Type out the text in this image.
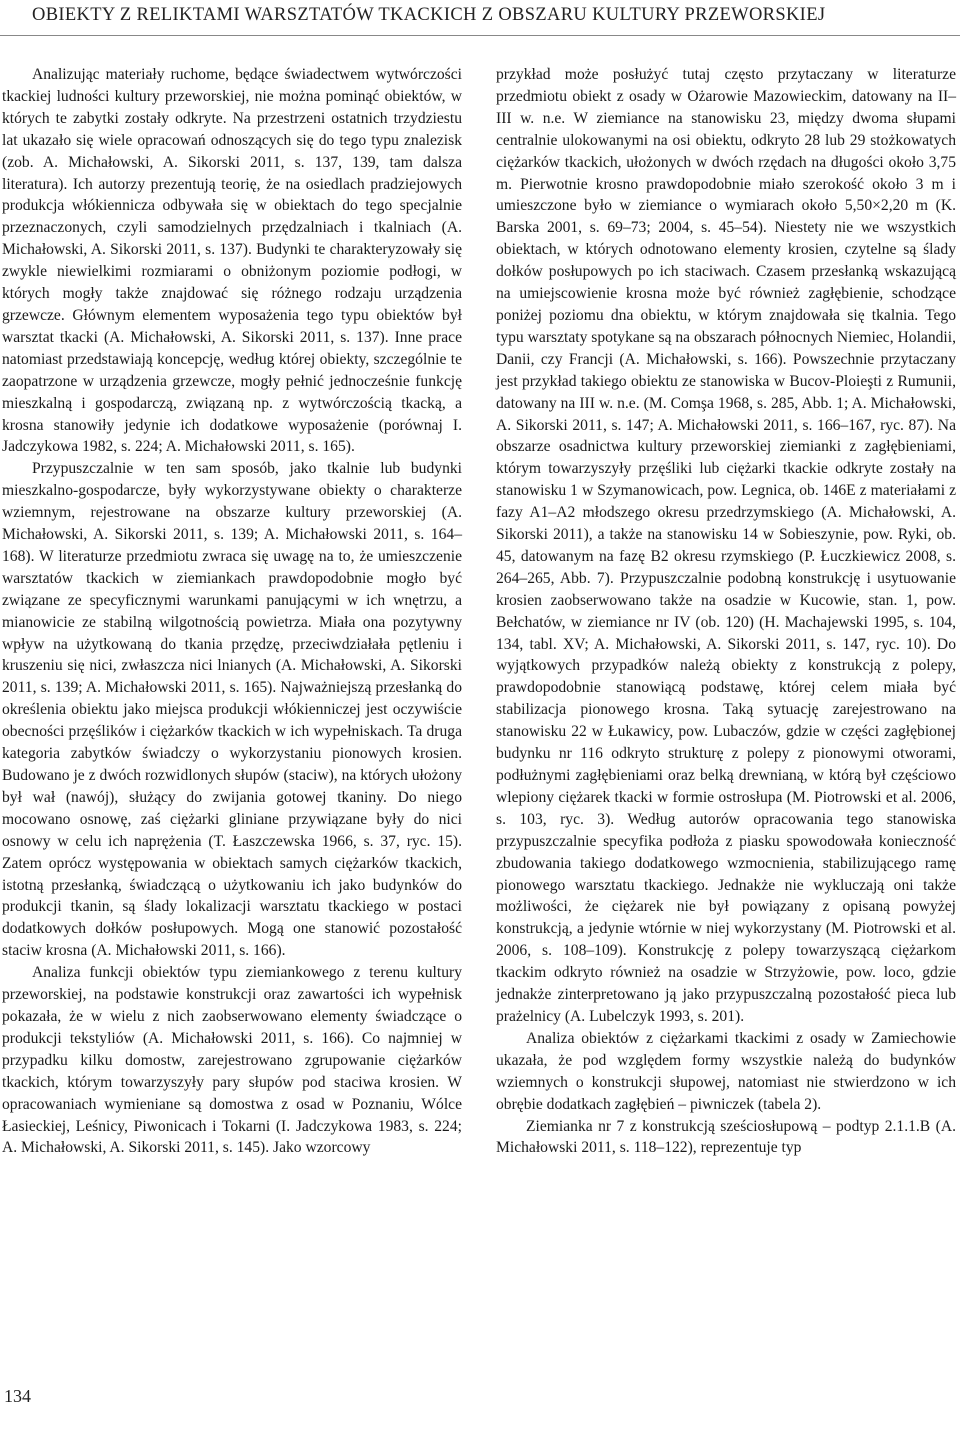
OBIEKTY Z RELIKTAMI WARSZTATÓW TKACKICH Z OBSZARU KULTURY PRZEWORSKIEJ

Analizując materiały ruchome, będące świadectwem wytwórczości tkackiej ludności kultury przeworskiej, nie można pominąć obiektów, w których te zabytki zostały odkryte. Na przestrzeni ostatnich trzydziestu lat ukazało się wiele opracowań odnoszących się do tego typu znalezisk (zob. A. Michałowski, A. Sikorski 2011, s. 137, 139, tam dalsza literatura). Ich autorzy prezentują teorię, że na osiedlach pradziejowych produkcja włókiennicza odbywała się w obiektach do tego specjalnie przeznaczonych, czyli samodzielnych przędzalniach i tkalniach (A. Michałowski, A. Sikorski 2011, s. 137). Budynki te charakteryzowały się zwykle niewielkimi rozmiarami o obniżonym poziomie podłogi, w których mogły także znajdować się różnego rodzaju urządzenia grzewcze. Głównym elementem wyposażenia tego typu obiektów był warsztat tkacki (A. Michałowski, A. Sikorski 2011, s. 137). Inne prace natomiast przedstawiają koncepcję, według której obiekty, szczególnie te zaopatrzone w urządzenia grzewcze, mogły pełnić jednocześnie funkcję mieszkalną i gospodarczą, związaną np. z wytwórczością tkacką, a krosna stanowiły jedynie ich dodatkowe wyposażenie (porównaj I. Jadczykowa 1982, s. 224; A. Michałowski 2011, s. 165).

Przypuszczalnie w ten sam sposób, jako tkalnie lub budynki mieszkalno-gospodarcze, były wykorzystywane obiekty o charakterze wziemnym, rejestrowane na obszarze kultury przeworskiej (A. Michałowski, A. Sikorski 2011, s. 139; A. Michałowski 2011, s. 164–168). W literaturze przedmiotu zwraca się uwagę na to, że umieszczenie warsztatów tkackich w ziemiankach prawdopodobnie mogło być związane ze specyficznymi warunkami panującymi w ich wnętrzu, a mianowicie ze stabilną wilgotnością powietrza. Miała ona pozytywny wpływ na użytkowaną do tkania przędzę, przeciwdziałała pętleniu i kruszeniu się nici, zwłaszcza nici lnianych (A. Michałowski, A. Sikorski 2011, s. 139; A. Michałowski 2011, s. 165). Najważniejszą przesłanką do określenia obiektu jako miejsca produkcji włókienniczej jest oczywiście obecności przęślików i ciężarków tkackich w ich wypełniskach. Ta druga kategoria zabytków świadczy o wykorzystaniu pionowych krosien. Budowano je z dwóch rozwidlonych słupów (staciw), na których ułożony był wał (nawój), służący do zwijania gotowej tkaniny. Do niego mocowano osnowę, zaś ciężarki gliniane przywiązane były do nici osnowy w celu ich naprężenia (T. Łaszczewska 1966, s. 37, ryc. 15). Zatem oprócz występowania w obiektach samych ciężarków tkackich, istotną przesłanką, świadczącą o użytkowaniu ich jako budynków do produkcji tkanin, są ślady lokalizacji warsztatu tkackiego w postaci dodatkowych dołków posłupowych. Mogą one stanowić pozostałość staciw krosna (A. Michałowski 2011, s. 166).

Analiza funkcji obiektów typu ziemiankowego z terenu kultury przeworskiej, na podstawie konstrukcji oraz zawartości ich wypełnisk pokazała, że w wielu z nich zaobserwowano elementy świadczące o produkcji tekstyliów (A. Michałowski 2011, s. 166). Co najmniej w przypadku kilku domostw, zarejestrowano zgrupowanie ciężarków tkackich, którym towarzyszyły pary słupów pod staciwa krosien. W opracowaniach wymieniane są domostwa z osad w Poznaniu, Wólce Łasieckiej, Leśnicy, Piwonicach i Tokarni (I. Jadczykowa 1983, s. 224; A. Michałowski, A. Sikorski 2011, s. 145). Jako wzorcowy

przykład może posłużyć tutaj często przytaczany w literaturze przedmiotu obiekt z osady w Ożarowie Mazowieckim, datowany na II–III w. n.e. W ziemiance na stanowisku 23, między dwoma słupami centralnie ulokowanymi na osi obiektu, odkryto 28 lub 29 stożkowatych ciężarków tkackich, ułożonych w dwóch rzędach na długości około 3,75 m. Pierwotnie krosno prawdopodobnie miało szerokość około 3 m i umieszczone było w ziemiance o wymiarach około 5,50×2,20 m (K. Barska 2001, s. 69–73; 2004, s. 45–54). Niestety nie we wszystkich obiektach, w których odnotowano elementy krosien, czytelne są ślady dołków posłupowych po ich staciwach. Czasem przesłanką wskazującą na umiejscowienie krosna może być również zagłębienie, schodzące poniżej poziomu dna obiektu, w którym znajdowała się tkalnia. Tego typu warsztaty spotykane są na obszarach północnych Niemiec, Holandii, Danii, czy Francji (A. Michałowski, s. 166). Powszechnie przytaczany jest przykład takiego obiektu ze stanowiska w Bucov-Ploieşti z Rumunii, datowany na III w. n.e. (M. Comşa 1968, s. 285, Abb. 1; A. Michałowski, A. Sikorski 2011, s. 147; A. Michałowski 2011, s. 166–167, ryc. 87). Na obszarze osadnictwa kultury przeworskiej ziemianki z zagłębieniami, którym towarzyszyły przęśliki lub ciężarki tkackie odkryte zostały na stanowisku 1 w Szymanowicach, pow. Legnica, ob. 146E z materiałami z fazy A1–A2 młodszego okresu przedrzymskiego (A. Michałowski, A. Sikorski 2011), a także na stanowisku 14 w Sobieszynie, pow. Ryki, ob. 45, datowanym na fazę B2 okresu rzymskiego (P. Łuczkiewicz 2008, s. 264–265, Abb. 7). Przypuszczalnie podobną konstrukcję i usytuowanie krosien zaobserwowano także na osadzie w Kucowie, stan. 1, pow. Bełchatów, w ziemiance nr IV (ob. 120) (H. Machajewski 1995, s. 104, 134, tabl. XV; A. Michałowski, A. Sikorski 2011, s. 147, ryc. 10). Do wyjątkowych przypadków należą obiekty z konstrukcją z polepy, prawdopodobnie stanowiącą podstawę, której celem miała być stabilizacja pionowego krosna. Taką sytuację zarejestrowano na stanowisku 22 w Łukawicy, pow. Lubaczów, gdzie w części zagłębionej budynku nr 116 odkryto strukturę z polepy z pionowymi otworami, podłużnymi zagłębieniami oraz belką drewnianą, w którą był częściowo wlepiony ciężarek tkacki w formie ostrosłupa (M. Piotrowski et al. 2006, s. 103, ryc. 3). Według autorów opracowania tego stanowiska przypuszczalnie specyfika podłoża z piasku spowodowała konieczność zbudowania takiego dodatkowego wzmocnienia, stabilizującego ramę pionowego warsztatu tkackiego. Jednakże nie wykluczają oni także możliwości, że ciężarek nie był powiązany z opisaną powyżej konstrukcją, a jedynie wtórnie w niej wykorzystany (M. Piotrowski et al. 2006, s. 108–109). Konstrukcję z polepy towarzyszącą ciężarkom tkackim odkryto również na osadzie w Strzyżowie, pow. loco, gdzie jednakże zinterpretowano ją jako przypuszczalną pozostałość pieca lub prażelnicy (A. Lubelczyk 1993, s. 201).

Analiza obiektów z ciężarkami tkackimi z osady w Zamiechowie ukazała, że pod względem formy wszystkie należą do budynków wziemnych o konstrukcji słupowej, natomiast nie stwierdzono w ich obrębie dodatkach zagłębień – piwniczek (tabela 2).

Ziemianka nr 7 z konstrukcją sześciosłupową – podtyp 2.1.1.B (A. Michałowski 2011, s. 118–122), reprezentuje typ

134
